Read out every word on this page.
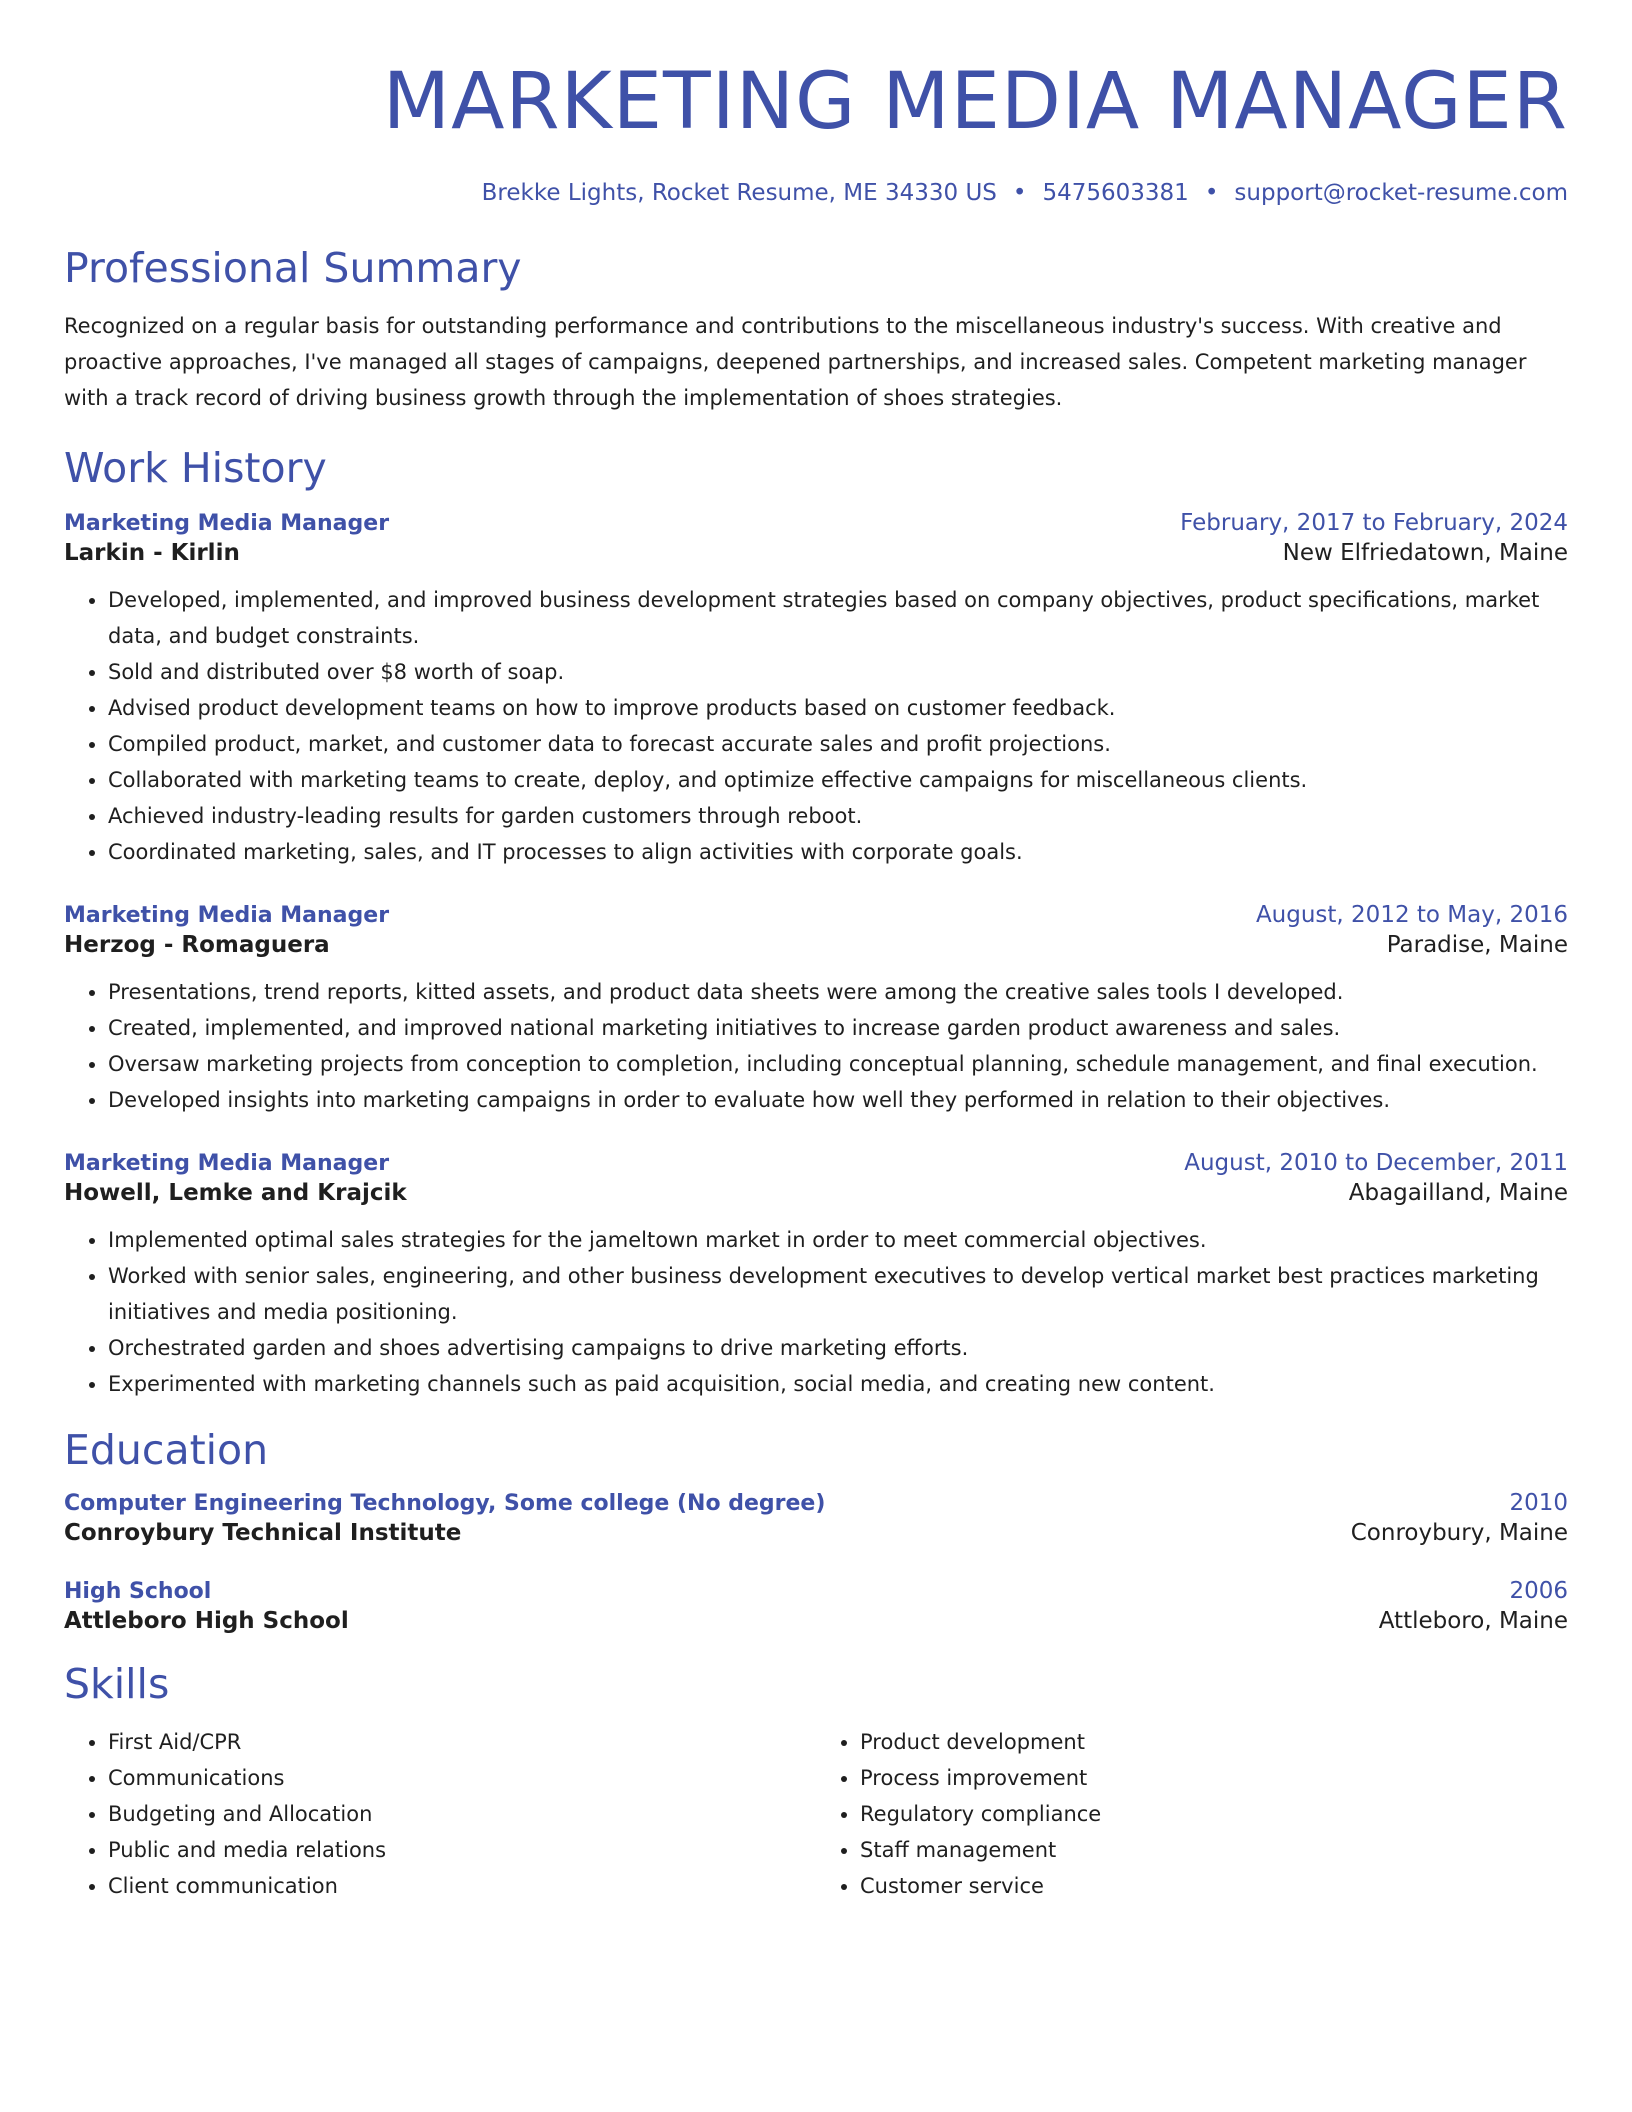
MARKETING MEDIA MANAGER
Brekke Lights, Rocket Resume, ME 34330 US • 5475603381 • support@rocket-resume.com
Professional Summary

Recognized on a regular basis for outstanding performance and contributions to the miscellaneous industry's success. With creative and proactive approaches, I've managed all stages of campaigns, deepened partnerships, and increased sales. Competent marketing manager with a track record of driving business growth through the implementation of shoes strategies.

Work History
Marketing Media Manager	February, 2017 to February, 2024
Larkin - Kirlin	New Elfriedatown, Maine
• Developed, implemented, and improved business development strategies based on company objectives, product specifications, market data, and budget constraints.
• Sold and distributed over $8 worth of soap.
• Advised product development teams on how to improve products based on customer feedback.
• Compiled product, market, and customer data to forecast accurate sales and profit projections.
• Collaborated with marketing teams to create, deploy, and optimize effective campaigns for miscellaneous clients.
• Achieved industry-leading results for garden customers through reboot.
• Coordinated marketing, sales, and IT processes to align activities with corporate goals.
Marketing Media Manager	August, 2012 to May, 2016
Herzog - Romaguera	Paradise, Maine
• Presentations, trend reports, kitted assets, and product data sheets were among the creative sales tools I developed.
• Created, implemented, and improved national marketing initiatives to increase garden product awareness and sales.
• Oversaw marketing projects from conception to completion, including conceptual planning, schedule management, and final execution.
• Developed insights into marketing campaigns in order to evaluate how well they performed in relation to their objectives.
Marketing Media Manager	August, 2010 to December, 2011
Howell, Lemke and Krajcik	Abagailland, Maine
• Implemented optimal sales strategies for the jameltown market in order to meet commercial objectives.
• Worked with senior sales, engineering, and other business development executives to develop vertical market best practices marketing initiatives and media positioning.
• Orchestrated garden and shoes advertising campaigns to drive marketing efforts.
• Experimented with marketing channels such as paid acquisition, social media, and creating new content.
Education
Computer Engineering Technology, Some college (No degree)	2010
Conroybury Technical Institute	Conroybury, Maine
High School	2006
Attleboro High School	Attleboro, Maine
Skills
• First Aid/CPR
• Communications
• Budgeting and Allocation
• Public and media relations
• Client communication
• Product development
• Process improvement
• Regulatory compliance
• Staff management
• Customer service
